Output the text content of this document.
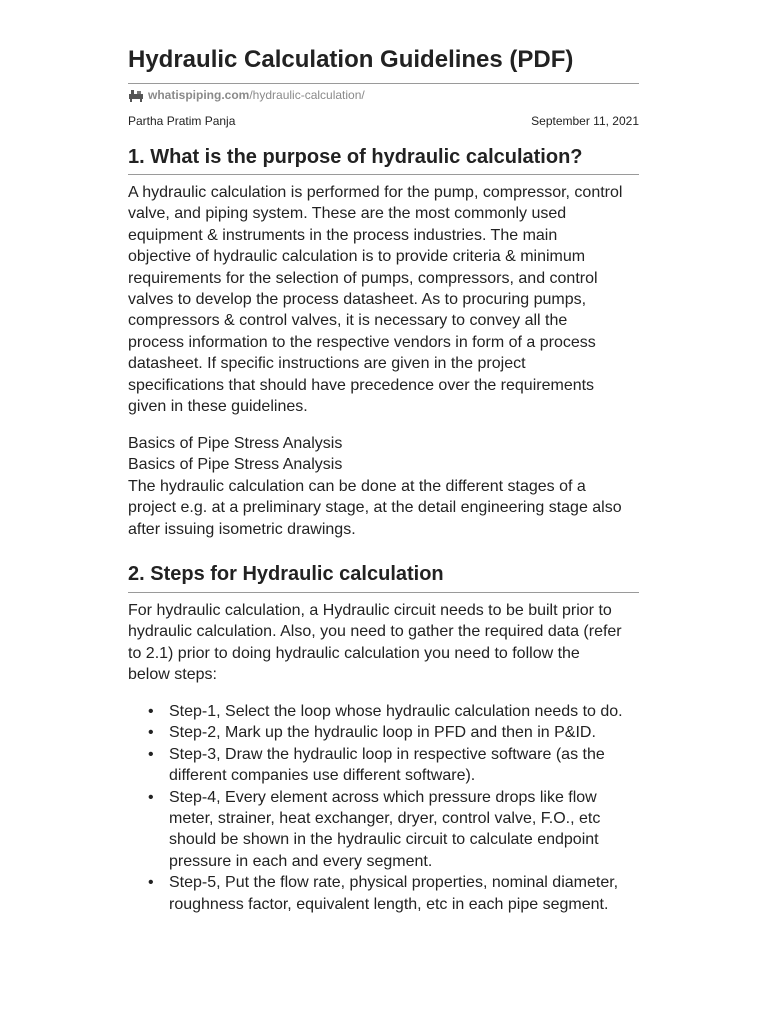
Hydraulic Calculation Guidelines (PDF)
whatispiping.com /hydraulic-calculation/
Partha Pratim Panja	September 11, 2021
1. What is the purpose of hydraulic calculation?

A hydraulic calculation is performed for the pump, compressor, control
valve, and piping system. These are the most commonly used
equipment & instruments in the process industries. The main
objective of hydraulic calculation is to provide criteria & minimum
requirements for the selection of pumps, compressors, and control
valves to develop the process datasheet. As to procuring pumps,
compressors & control valves, it is necessary to convey all the
process information to the respective vendors in form of a process
datasheet. If specific instructions are given in the project
specifications that should have precedence over the requirements
given in these guidelines.

Basics of Pipe Stress Analysis
Basics of Pipe Stress Analysis
The hydraulic calculation can be done at the different stages of a
project e.g. at a preliminary stage, at the detail engineering stage also
after issuing isometric drawings.

2. Steps for Hydraulic calculation

For hydraulic calculation, a Hydraulic circuit needs to be built prior to
hydraulic calculation. Also, you need to gather the required data (refer
to 2.1) prior to doing hydraulic calculation you need to follow the
below steps:

• Step-1, Select the loop whose hydraulic calculation needs to do.
• Step-2, Mark up the hydraulic loop in PFD and then in P&ID.
• Step-3, Draw the hydraulic loop in respective software (as the
different companies use different software).
• Step-4, Every element across which pressure drops like flow
meter, strainer, heat exchanger, dryer, control valve, F.O., etc
should be shown in the hydraulic circuit to calculate endpoint
pressure in each and every segment.
• Step-5, Put the flow rate, physical properties, nominal diameter,
roughness factor, equivalent length, etc in each pipe segment.
